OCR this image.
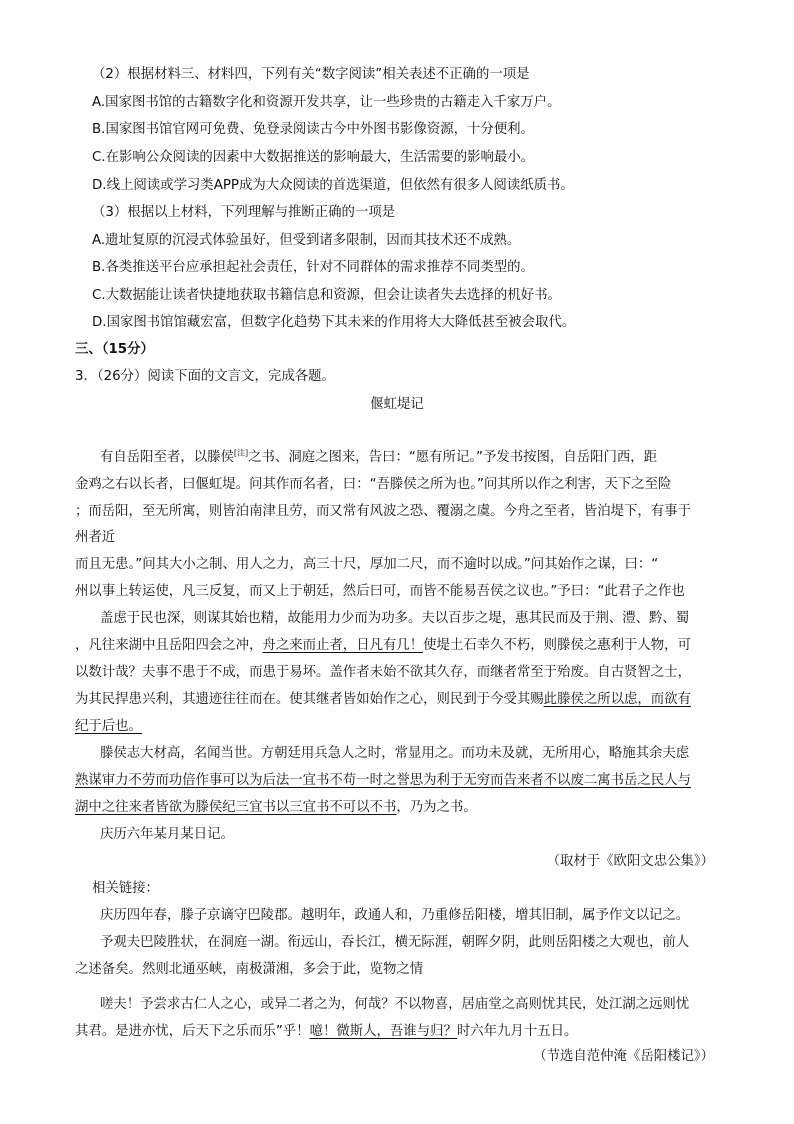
（2）根据材料三、材料四，下列有关“数字阅读”相关表述不正确的一项是
A.国家图书馆的古籍数字化和资源开发共享，让一些珍贵的古籍走入千家万户。
B.国家图书馆官网可免费、免登录阅读古今中外图书影像资源，十分便利。
C.在影响公众阅读的因素中大数据推送的影响最大，生活需要的影响最小。
D.线上阅读或学习类APP成为大众阅读的首选渠道，但依然有很多人阅读纸质书。
（3）根据以上材料，下列理解与推断正确的一项是
A.遗址复原的沉浸式体验虽好，但受到诸多限制，因而其技术还不成熟。
B.各类推送平台应承担起社会责任，针对不同群体的需求推荐不同类型的。
C.大数据能让读者快捷地获取书籍信息和资源，但会让读者失去选择的机好书。
D.国家图书馆馆藏宏富，但数字化趋势下其未来的作用将大大降低甚至被会取代。
三、（15分）
3．（26分）阅读下面的文言文，完成各题。
偃虹堤记
有自岳阳至者，以滕侯[注]之书、洞庭之图来，告曰：“愿有所记。”予发书按图，自岳阳门西，距
金鸡之右以长者，曰偃虹堤。问其作而名者，曰：“吾滕侯之所为也。”问其所以作之利害，天下之至险
；而岳阳，至无所寓，则皆泊南津且劳，而又常有风波之恐、覆溺之虞。今舟之至者，皆泊堤下，有事于
州者近
而且无患。”问其大小之制、用人之力，高三十尺，厚加二尺，而不逾时以成。”问其始作之谋，曰：“
州以事上转运使，凡三反复，而又上于朝廷，然后曰可，而皆不能易吾侯之议也。”予曰：“此君子之作也
盖虑于民也深，则谋其始也精，故能用力少而为功多。夫以百步之堤，惠其民而及于荆、澧、黔、蜀
，凡往来湖中且岳阳四会之冲，舟之来而止者，日凡有几！使堤土石幸久不朽，则滕侯之惠利于人物，可
以数计哉？夫事不患于不成，而患于易坏。盖作者未始不欲其久存，而继者常至于殆废。自古贤智之士，
为其民捍患兴利，其遗迹往往而在。使其继者皆如始作之心，则民到于今受其赐此滕侯之所以虑，而欲有
纪于后也。
滕侯志大材高，名闻当世。方朝廷用兵急人之时，常显用之。而功未及就，无所用心，略施其余夫虑
熟谋审力不劳而功倍作事可以为后法一宜书不苟一时之誉思为利于无穷而告来者不以废二寓书岳之民人与
湖中之往来者皆欲为滕侯纪三宜书以三宜书不可以不书，乃为之书。
庆历六年某月某日记。
（取材于《欧阳文忠公集》）
相关链接：
庆历四年春，滕子京谪守巴陵郡。越明年，政通人和，乃重修岳阳楼，增其旧制，属予作文以记之。
予观夫巴陵胜状，在洞庭一湖。衔远山，吞长江，横无际涯，朝晖夕阴，此则岳阳楼之大观也，前人
之述备矣。然则北通巫峡，南极潇湘，多会于此，览物之情
嗟夫！予尝求古仁人之心，或异二者之为，何哉？不以物喜，居庙堂之高则忧其民，处江湖之远则忧
其君。是进亦忧，后天下之乐而乐”乎！噫！微斯人，吾谁与归？时六年九月十五日。
（节选自范仲淹《岳阳楼记》）
